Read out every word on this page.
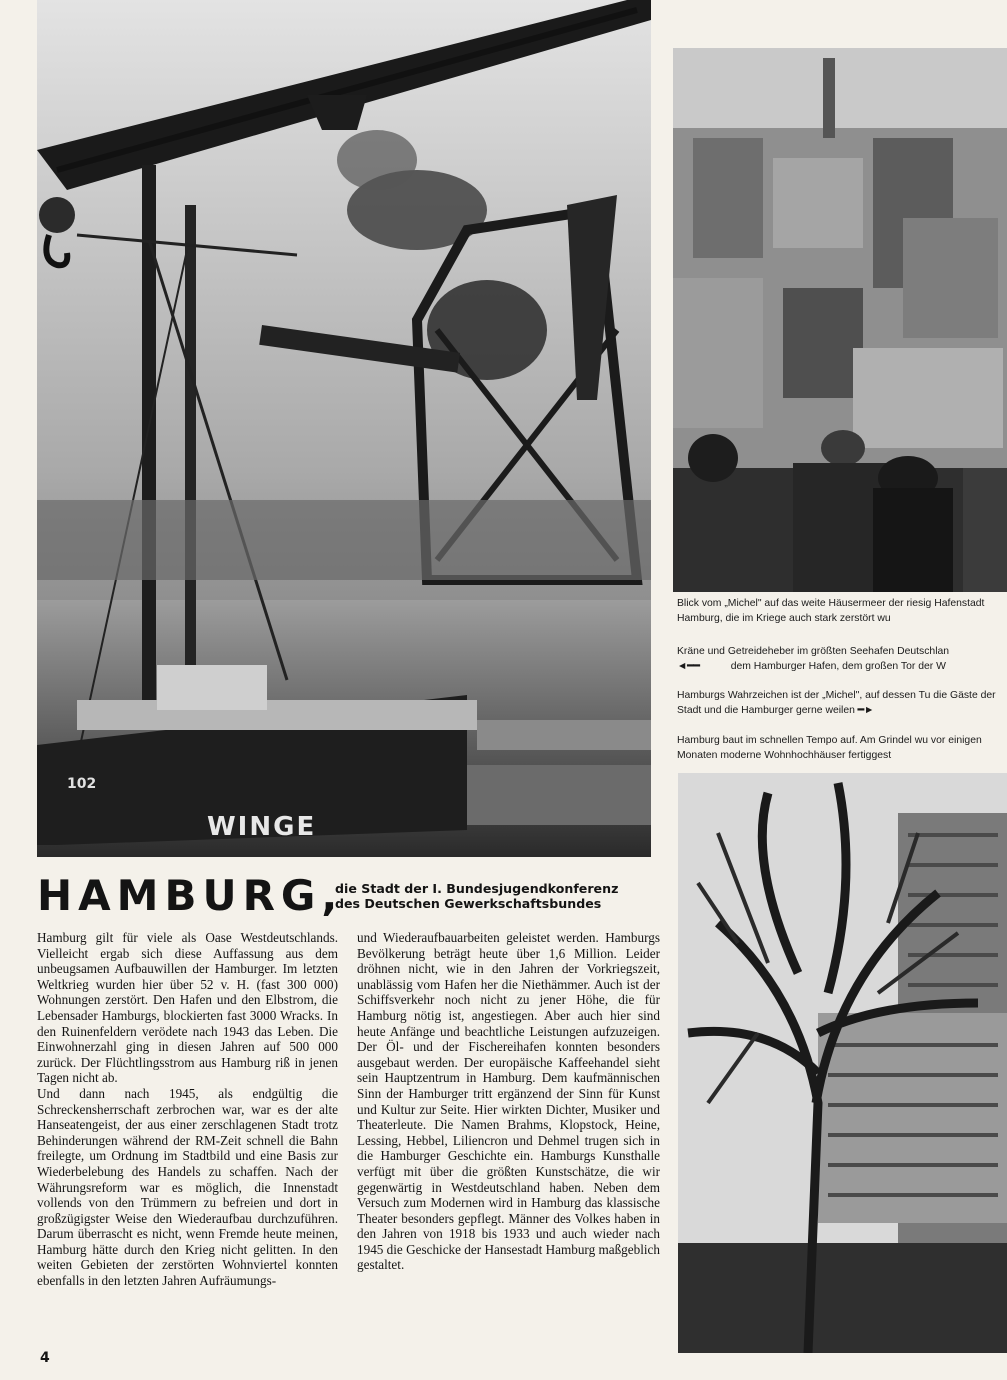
WINGE
102
Blick vom „Michel" auf das weite Häusermeer der riesig Hafenstadt Hamburg, die im Kriege auch stark zerstört wu
Kräne und Getreideheber im größten Seehafen Deutschlan
◄━━	dem Hamburger Hafen, dem großen Tor der W
Hamburgs Wahrzeichen ist der „Michel", auf dessen Tu die Gäste der Stadt und die Hamburger gerne weilen ━►
Hamburg baut im schnellen Tempo auf. Am Grindel wu vor einigen Monaten moderne Wohnhochhäuser fertiggest
HAMBURG,
die Stadt der I. Bundesjugendkonferenz
des Deutschen Gewerkschaftsbundes

Hamburg gilt für viele als Oase Westdeutschlands. Vielleicht ergab sich diese Auffassung aus dem unbeugsamen Aufbauwillen der Hamburger. Im letzten Weltkrieg wurden hier über 52 v. H. (fast 300 000) Wohnungen zerstört. Den Hafen und den Elbstrom, die Lebensader Hamburgs, blockierten fast 3000 Wracks. In den Ruinenfeldern verödete nach 1943 das Leben. Die Einwohnerzahl ging in diesen Jahren auf 500 000 zurück. Der Flüchtlingsstrom aus Hamburg riß in jenen Tagen nicht ab.

Und dann nach 1945, als endgültig die Schreckensherrschaft zerbrochen war, war es der alte Hanseatengeist, der aus einer zerschlagenen Stadt trotz Behinderungen während der RM-Zeit schnell die Bahn freilegte, um Ordnung im Stadtbild und eine Basis zur Wiederbelebung des Handels zu schaffen. Nach der Währungsreform war es möglich, die Innenstadt vollends von den Trümmern zu befreien und dort in großzügigster Weise den Wiederaufbau durchzuführen. Darum überrascht es nicht, wenn Fremde heute meinen, Hamburg hätte durch den Krieg nicht gelitten. In den weiten Gebieten der zerstörten Wohnviertel konnten ebenfalls in den letzten Jahren Aufräumungs-

und Wiederaufbauarbeiten geleistet werden. Hamburgs Bevölkerung beträgt heute über 1,6 Million. Leider dröhnen nicht, wie in den Jahren der Vorkriegszeit, unablässig vom Hafen her die Niethämmer. Auch ist der Schiffsverkehr noch nicht zu jener Höhe, die für Hamburg nötig ist, angestiegen. Aber auch hier sind heute Anfänge und beachtliche Leistungen aufzuzeigen. Der Öl- und der Fischereihafen konnten besonders ausgebaut werden. Der europäische Kaffeehandel sieht sein Hauptzentrum in Hamburg. Dem kaufmännischen Sinn der Hamburger tritt ergänzend der Sinn für Kunst und Kultur zur Seite. Hier wirkten Dichter, Musiker und Theaterleute. Die Namen Brahms, Klopstock, Heine, Lessing, Hebbel, Liliencron und Dehmel trugen sich in die Hamburger Geschichte ein. Hamburgs Kunsthalle verfügt mit über die größten Kunstschätze, die wir gegenwärtig in Westdeutschland haben. Neben dem Versuch zum Modernen wird in Hamburg das klassische Theater besonders gepflegt. Männer des Volkes haben in den Jahren von 1918 bis 1933 und auch wieder nach 1945 die Geschicke der Hansestadt Hamburg maßgeblich gestaltet.

4
